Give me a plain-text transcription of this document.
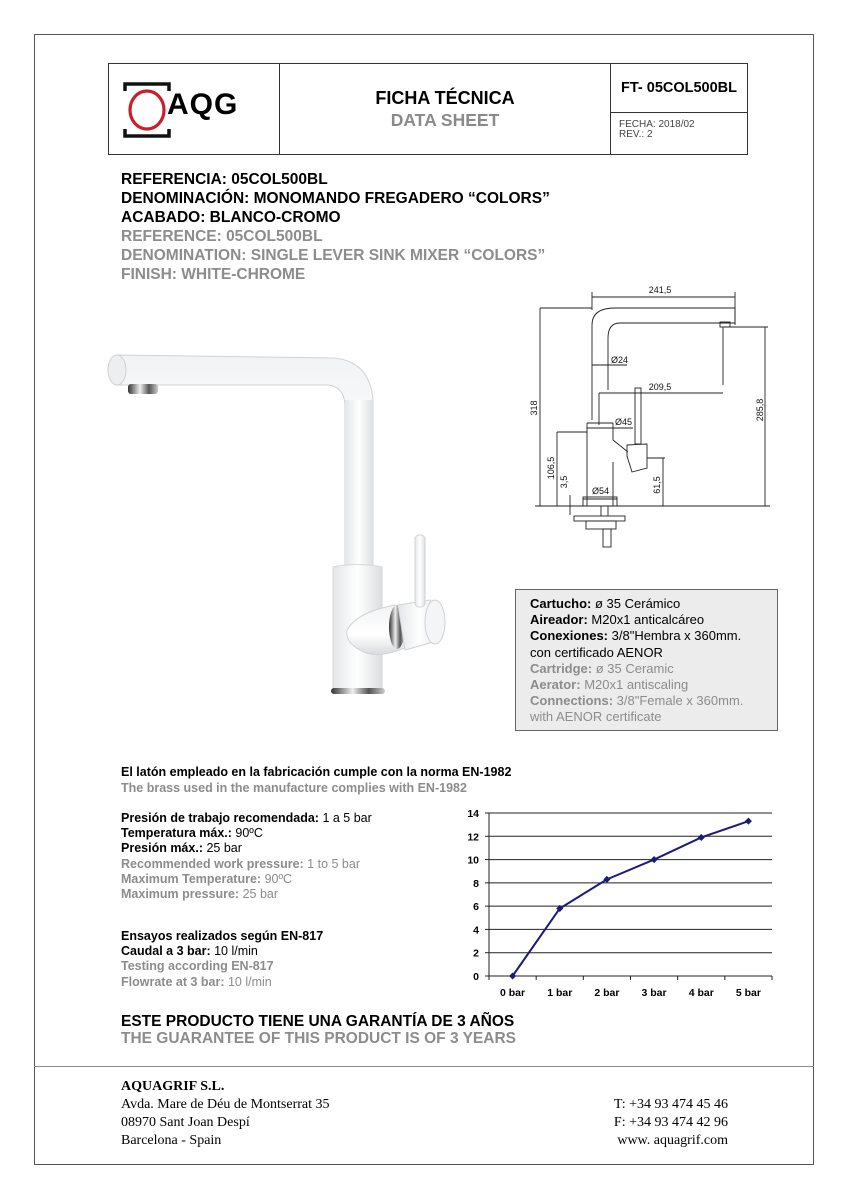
AQG	FICHA TÉCNICA
DATA SHEET
FT- 05COL500BL
FECHA: 2018/02
REV.: 2
REFERENCIA: 05COL500BL
DENOMINACIÓN: MONOMANDO FREGADERO “COLORS”
ACABADO: BLANCO-CROMO
REFERENCE: 05COL500BL
DENOMINATION: SINGLE LEVER SINK MIXER “COLORS”
FINISH: WHITE-CHROME
241,5
Ø24
209,5
318	285,8
Ø45
106,5
3,5
Ø54	61,5
Cartucho: ø 35 Cerámico
Aireador: M20x1 anticalcáreo
Conexiones: 3/8"Hembra x 360mm.
con certificado AENOR
Cartridge: ø 35 Ceramic
Aerator: M20x1 antiscaling
Connections: 3/8"Female x 360mm.
with AENOR certificate
El latón empleado en la fabricación cumple con la norma EN-1982
The brass used in the manufacture complies with EN-1982
Presión de trabajo recomendada: 1 a 5 bar
Temperatura máx.: 90ºC
Presión máx.: 25 bar
Recommended work pressure: 1 to 5 bar
Maximum Temperature: 90ºC
Maximum pressure: 25 bar
Ensayos realizados según EN-817
Caudal a 3 bar: 10 l/min
Testing according EN-817
Flowrate at 3 bar: 10 l/min	0
2
4
6
8
10
12
14
0 bar 1 bar 2 bar 3 bar 4 bar 5 bar
ESTE PRODUCTO TIENE UNA GARANTÍA DE 3 AÑOS
THE GUARANTEE OF THIS PRODUCT IS OF 3 YEARS
AQUAGRIF S.L.
Avda. Mare de Déu de Montserrat 35
08970 Sant Joan Despí
Barcelona - Spain
T: +34 93 474 45 46
F: +34 93 474 42 96
www. aquagrif.com
